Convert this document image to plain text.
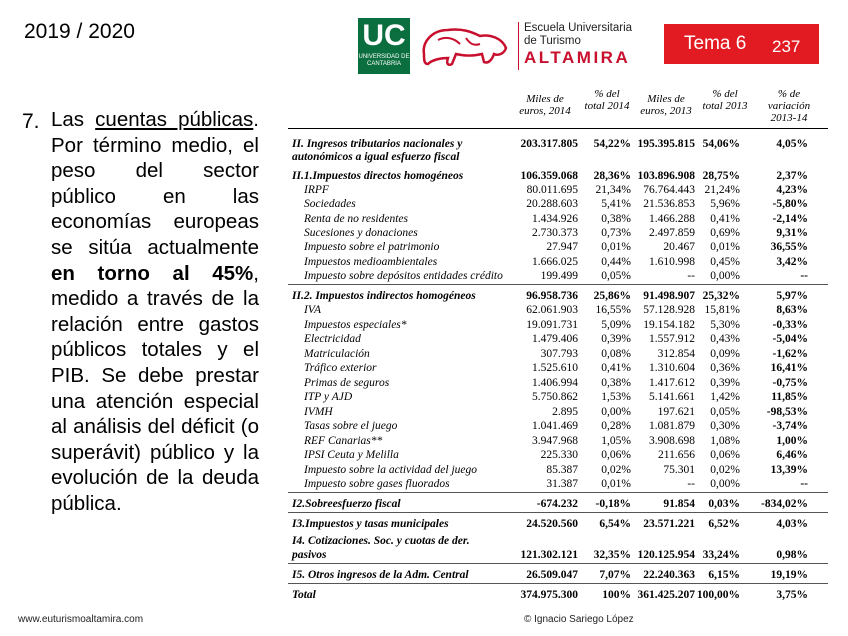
2019 / 2020	UC
UNIVERSIDAD DE CANTABRIA
Escuela Universitaria
de Turismo
ALTAMIRA
Tema 6 237
7. Las cuentas públicas. Por término medio, el peso del sector público en las economías europeas se sitúa actualmente en torno al 45%, medido a través de la relación entre gastos públicos totales y el PIB. Se debe prestar una atención especial al análisis del déficit (o superávit) público y la evolución de la deuda pública.
Miles de euros, 2014
% del total 2014
Miles de euros, 2013
% del total 2013
% de variación 2013-14
II. Ingresos tributarios nacionales y	203.317.805 54,22% 195.395.815 54,06%	4,05%
autonómicos a igual esfuerzo fiscal
II.1.Impuestos directos homogéneos	106.359.068 28,36% 103.896.908 28,75%	2,37%
IRPF	80.011.695 21,34% 76.764.443 21,24%	4,23%
Sociedades	20.288.603 5,41% 21.536.853 5,96%	-5,80%
Renta de no residentes	1.434.926 0,38% 1.466.288 0,41%	-2,14%
Sucesiones y donaciones	2.730.373 0,73% 2.497.859 0,69%	9,31%
Impuesto sobre el patrimonio	27.947 0,01%	20.467 0,01%	36,55%
Impuestos medioambientales	1.666.025 0,44% 1.610.998 0,45%	3,42%
Impuesto sobre depósitos entidades crédito	199.499 0,05%	-- 0,00%	--
II.2. Impuestos indirectos homogéneos	96.958.736 25,86% 91.498.907 25,32%	5,97%
IVA	62.061.903 16,55% 57.128.928 15,81%	8,63%
Impuestos especiales*	19.091.731 5,09% 19.154.182 5,30%	-0,33%
Electricidad	1.479.406 0,39% 1.557.912 0,43%	-5,04%
Matriculación	307.793 0,08% 312.854 0,09%	-1,62%
Tráfico exterior	1.525.610 0,41% 1.310.604 0,36%	16,41%
Primas de seguros	1.406.994 0,38% 1.417.612 0,39%	-0,75%
ITP y AJD	5.750.862 1,53% 5.141.661 1,42%	11,85%
IVMH	2.895 0,00% 197.621 0,05% -98,53%
Tasas sobre el juego	1.041.469 0,28% 1.081.879 0,30%	-3,74%
REF Canarias**	3.947.968 1,05% 3.908.698 1,08%	1,00%
IPSI Ceuta y Melilla	225.330 0,06% 211.656 0,06%	6,46%
Impuesto sobre la actividad del juego	85.387 0,02%	75.301 0,02%	13,39%
Impuesto sobre gases fluorados	31.387 0,01%	-- 0,00%	--
I2.Sobreesfuerzo fiscal	-674.232 -0,18%	91.854 0,03% -834,02%
I3.Impuestos y tasas municipales	24.520.560 6,54% 23.571.221 6,52%	4,03%
I4. Cotizaciones. Soc. y cuotas de der.
pasivos	121.302.121 32,35% 120.125.954 33,24%	0,98%
I5. Otros ingresos de la Adm. Central	26.509.047 7,07% 22.240.363 6,15%	19,19%
Total	374.975.300 100% 361.425.207 100,00%	3,75%
www.euturismoaltamira.com	© Ignacio Sariego López
